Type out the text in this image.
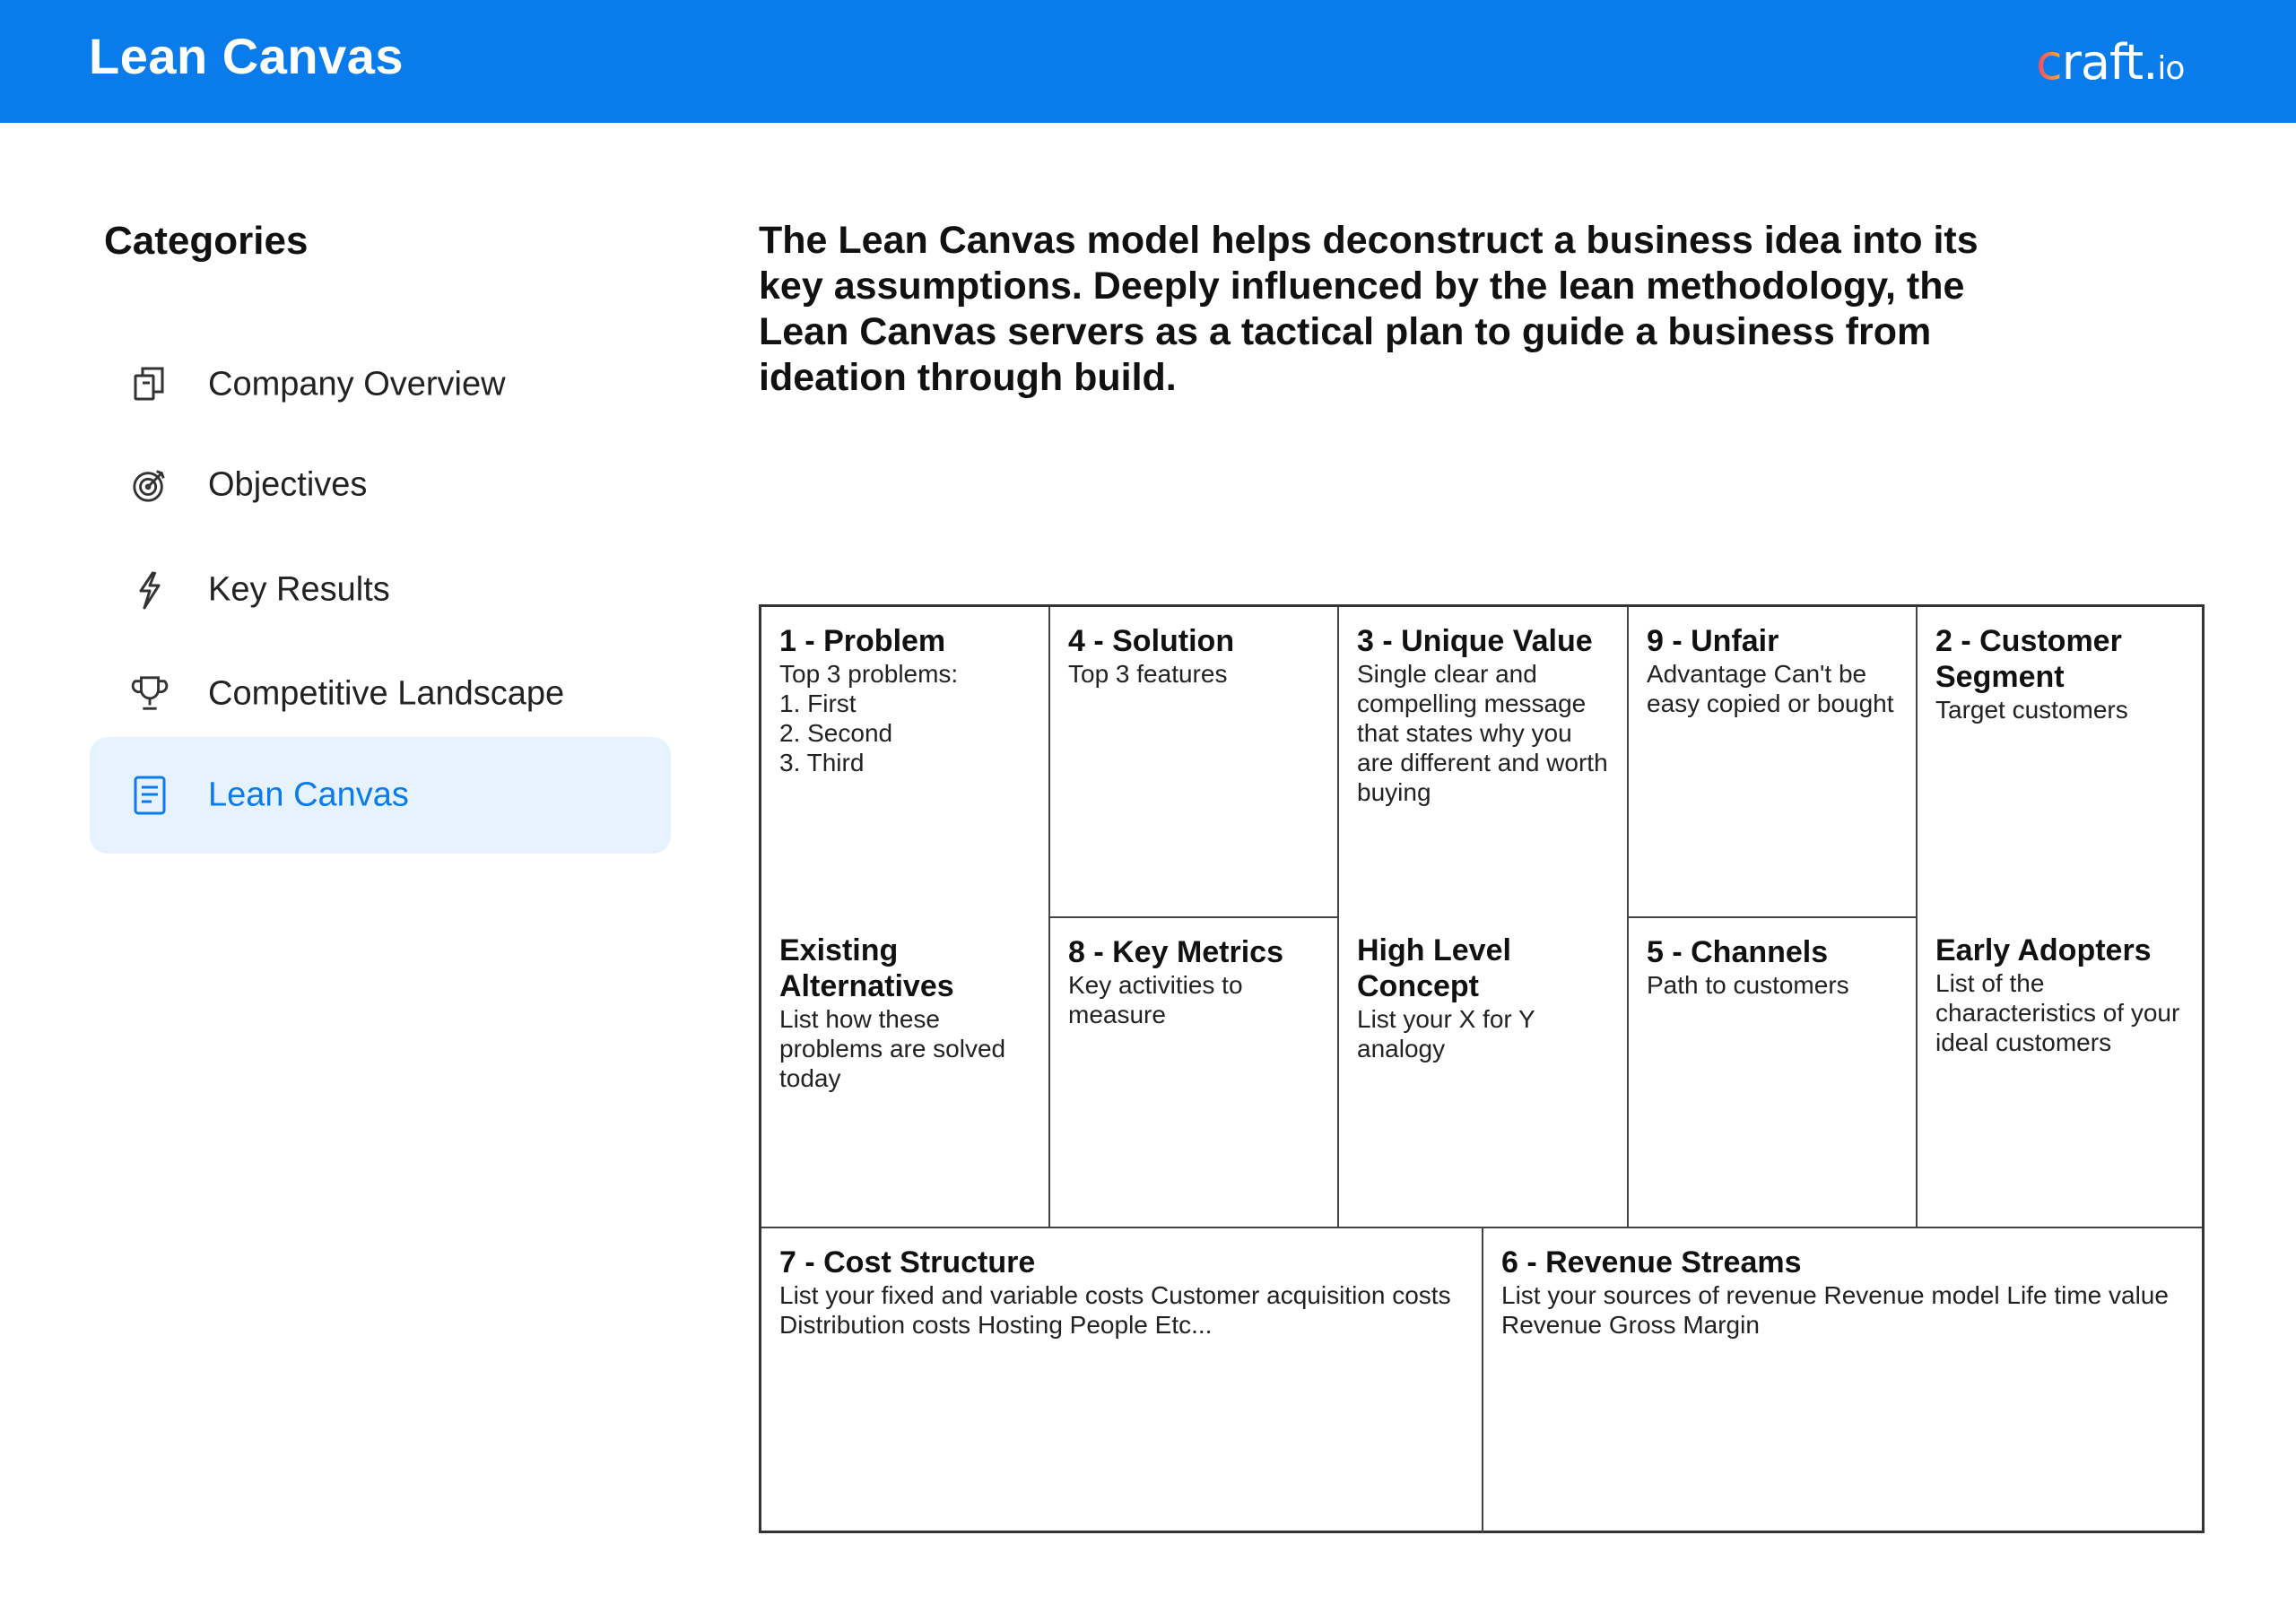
Lean Canvas	craft.io
Categories
Company Overview
Objectives
Key Results
Competitive Landscape
Lean Canvas
The Lean Canvas model helps deconstruct a business idea into its key assumptions. Deeply influenced by the lean methodology, the Lean Canvas servers as a tactical plan to guide a business from ideation through build.
1 - Problem
Top 3 problems:
1. First
2. Second
3. Third
Existing Alternatives
List how these problems are solved today
4 - Solution
Top 3 features
8 - Key Metrics
Key activities to measure
3 - Unique Value
Single clear and compelling message that states why you are different and worth buying
High Level Concept
List your X for Y analogy
9 - Unfair
Advantage Can't be easy copied or bought
5 - Channels
Path to customers
2 - Customer Segment
Target customers
Early Adopters
List of the characteristics of your ideal customers
7 - Cost Structure
List your fixed and variable costs Customer acquisition costs Distribution costs Hosting People Etc...
6 - Revenue Streams
List your sources of revenue Revenue model Life time value Revenue Gross Margin
